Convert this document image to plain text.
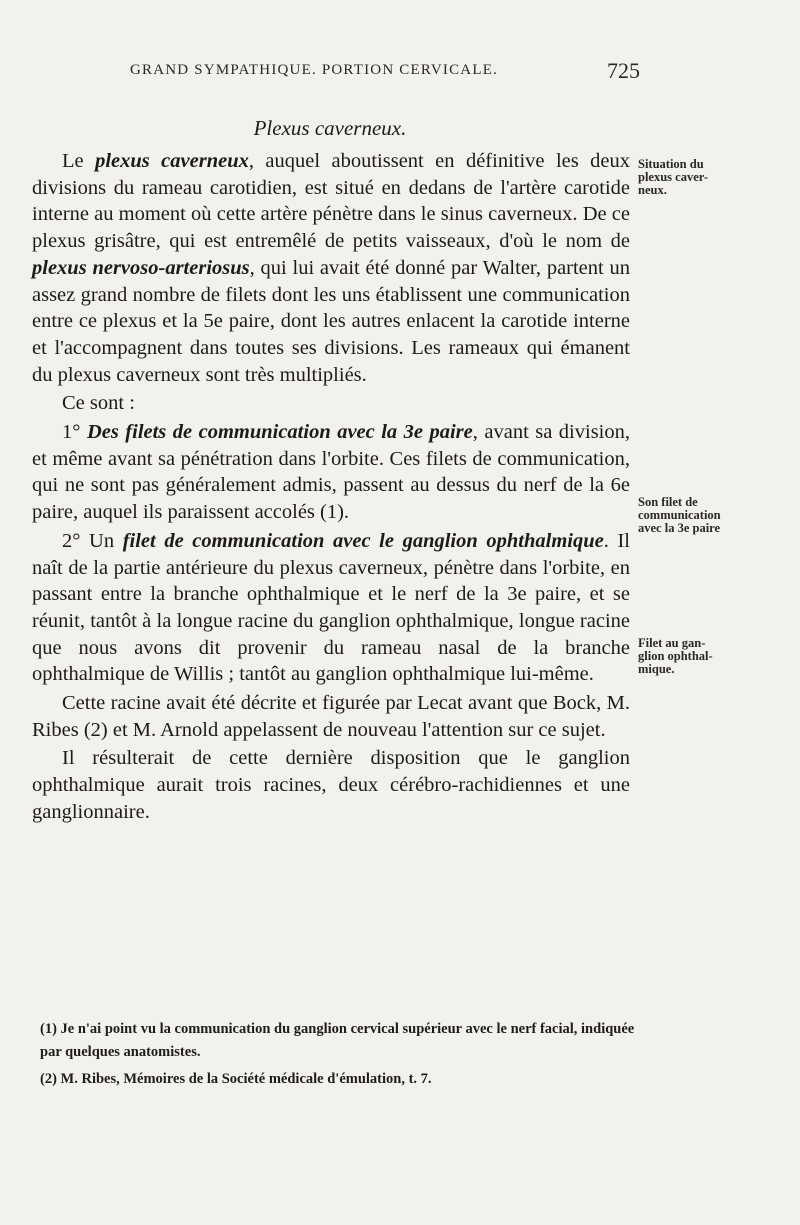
GRAND SYMPATHIQUE. PORTION CERVICALE.	725
Plexus caverneux.

Le plexus caverneux, auquel aboutissent en définitive les deux divisions du rameau carotidien, est situé en dedans de l'artère carotide interne au moment où cette artère pénètre dans le sinus caverneux. De ce plexus grisâtre, qui est entremêlé de petits vaisseaux, d'où le nom de plexus nervoso-arteriosus, qui lui avait été donné par Walter, partent un assez grand nombre de filets dont les uns établissent une communication entre ce plexus et la 5e paire, dont les autres enlacent la carotide interne et l'accompagnent dans toutes ses divisions. Les rameaux qui émanent du plexus caverneux sont très multipliés.

Ce sont :

1° Des filets de communication avec la 3e paire, avant sa division, et même avant sa pénétration dans l'orbite. Ces filets de communication, qui ne sont pas généralement admis, passent au dessus du nerf de la 6e paire, auquel ils paraissent accolés (1).

2° Un filet de communication avec le ganglion ophthalmique. Il naît de la partie antérieure du plexus caverneux, pénètre dans l'orbite, en passant entre la branche ophthalmique et le nerf de la 3e paire, et se réunit, tantôt à la longue racine du ganglion ophthalmique, longue racine que nous avons dit provenir du rameau nasal de la branche ophthalmique de Willis ; tantôt au ganglion ophthalmique lui-même.

Cette racine avait été décrite et figurée par Lecat avant que Bock, M. Ribes (2) et M. Arnold appelassent de nouveau l'attention sur ce sujet.

Il résulterait de cette dernière disposition que le ganglion ophthalmique aurait trois racines, deux cérébro-rachidiennes et une ganglionnaire.

Situation du
plexus caver-
neux.
Son filet de
communication
avec la 3e paire
Filet au gan-
glion ophthal-
mique.

(1) Je n'ai point vu la communication du ganglion cervical supérieur avec le nerf facial, indiquée par quelques anatomistes.

(2) M. Ribes, Mémoires de la Société médicale d'émulation, t. 7.
